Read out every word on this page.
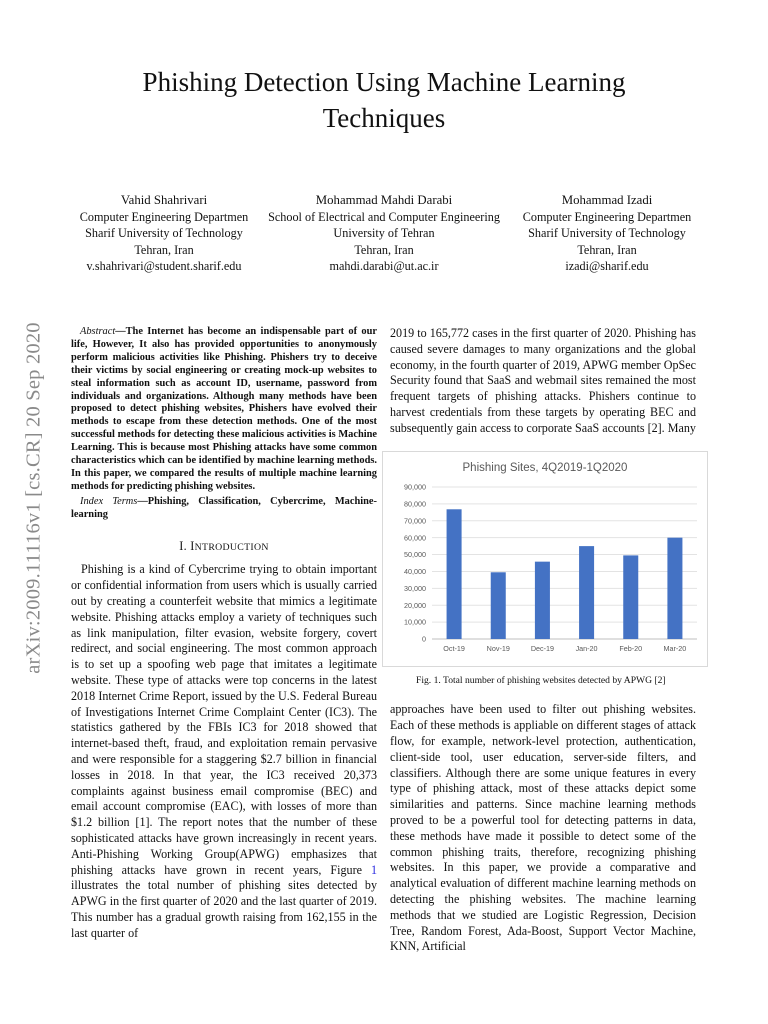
arXiv:2009.11116v1 [cs.CR] 20 Sep 2020
Phishing Detection Using Machine Learning
Techniques
Vahid Shahrivari
Computer Engineering Departmen
Sharif University of Technology
Tehran, Iran
v.shahrivari@student.sharif.edu
Mohammad Mahdi Darabi
School of Electrical and Computer Engineering
University of Tehran
Tehran, Iran
mahdi.darabi@ut.ac.ir
Mohammad Izadi
Computer Engineering Departmen
Sharif University of Technology
Tehran, Iran
izadi@sharif.edu

Abstract—The Internet has become an indispensable part of our life, However, It also has provided opportunities to anonymously perform malicious activities like Phishing. Phishers try to deceive their victims by social engineering or creating mock-up websites to steal information such as account ID, username, password from individuals and organizations. Although many methods have been proposed to detect phishing websites, Phishers have evolved their methods to escape from these detection methods. One of the most successful methods for detecting these malicious activities is Machine Learning. This is because most Phishing attacks have some common characteristics which can be identified by machine learning methods. In this paper, we compared the results of multiple machine learning methods for predicting phishing websites.

Index Terms—Phishing, Classification, Cybercrime, Machine-learning

I. INTRODUCTION

Phishing is a kind of Cybercrime trying to obtain important or confidential information from users which is usually carried out by creating a counterfeit website that mimics a legitimate website. Phishing attacks employ a variety of techniques such as link manipulation, filter evasion, website forgery, covert redirect, and social engineering. The most common approach is to set up a spoofing web page that imitates a legitimate website. These type of attacks were top concerns in the latest 2018 Internet Crime Report, issued by the U.S. Federal Bureau of Investigations Internet Crime Complaint Center (IC3). The statistics gathered by the FBIs IC3 for 2018 showed that internet-based theft, fraud, and exploitation remain pervasive and were responsible for a staggering $2.7 billion in financial losses in 2018. In that year, the IC3 received 20,373 complaints against business email compromise (BEC) and email account compromise (EAC), with losses of more than $1.2 billion [1]. The report notes that the number of these sophisticated attacks have grown increasingly in recent years. Anti-Phishing Working Group(APWG) emphasizes that phishing attacks have grown in recent years, Figure 1 illustrates the total number of phishing sites detected by APWG in the first quarter of 2020 and the last quarter of 2019. This number has a gradual growth raising from 162,155 in the last quarter of

2019 to 165,772 cases in the first quarter of 2020. Phishing has caused severe damages to many organizations and the global economy, in the fourth quarter of 2019, APWG member OpSec Security found that SaaS and webmail sites remained the most frequent targets of phishing attacks. Phishers continue to harvest credentials from these targets by operating BEC and subsequently gain access to corporate SaaS accounts [2]. Many

Phishing Sites, 4Q2019-1Q2020
0
10,000
20,000
30,000
40,000
50,000
60,000
70,000
80,000
90,000
Oct-19	Nov-19	Dec-19	Jan-20	Feb-20	Mar-20

Fig. 1. Total number of phishing websites detected by APWG [2]

approaches have been used to filter out phishing websites. Each of these methods is appliable on different stages of attack flow, for example, network-level protection, authentication, client-side tool, user education, server-side filters, and classifiers. Although there are some unique features in every type of phishing attack, most of these attacks depict some similarities and patterns. Since machine learning methods proved to be a powerful tool for detecting patterns in data, these methods have made it possible to detect some of the common phishing traits, therefore, recognizing phishing websites. In this paper, we provide a comparative and analytical evaluation of different machine learning methods on detecting the phishing websites. The machine learning methods that we studied are Logistic Regression, Decision Tree, Random Forest, Ada-Boost, Support Vector Machine, KNN, Artificial
